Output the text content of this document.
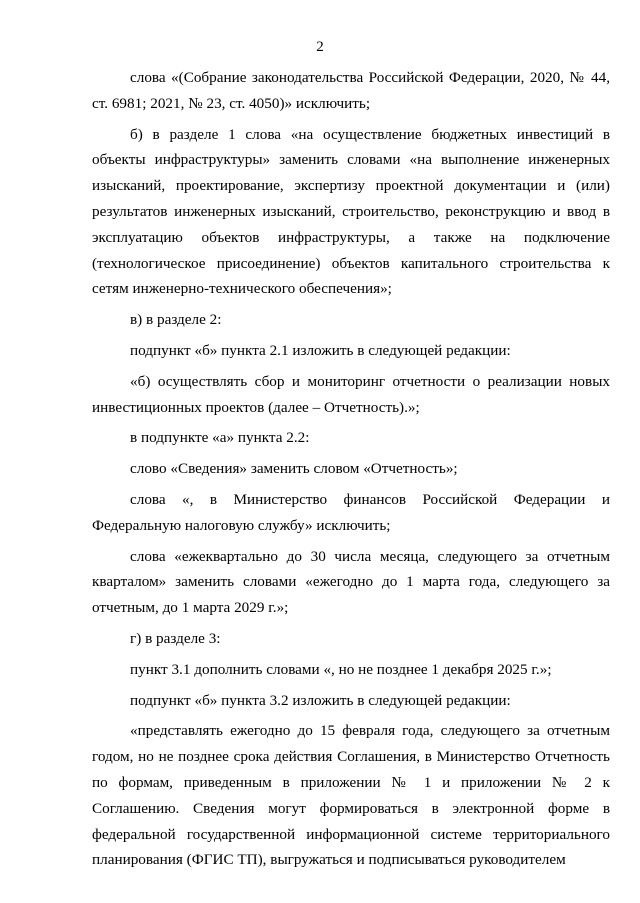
2

слова «(Собрание законодательства Российской Федерации, 2020, № 44, ст. 6981; 2021, № 23, ст. 4050)» исключить;

б) в разделе 1 слова «на осуществление бюджетных инвестиций в объекты инфраструктуры» заменить словами «на выполнение инженерных изысканий, проектирование, экспертизу проектной документации и (или) результатов инженерных изысканий, строительство, реконструкцию и ввод в эксплуатацию объектов инфраструктуры, а также на подключение (технологическое присоединение) объектов капитального строительства к сетям инженерно-технического обеспечения»;

в) в разделе 2:

подпункт «б» пункта 2.1 изложить в следующей редакции:

«б) осуществлять сбор и мониторинг отчетности о реализации новых инвестиционных проектов (далее – Отчетность).»;

в подпункте «а» пункта 2.2:

слово «Сведения» заменить словом «Отчетность»;

слова «, в Министерство финансов Российской Федерации и Федеральную налоговую службу» исключить;

слова «ежеквартально до 30 числа месяца, следующего за отчетным кварталом» заменить словами «ежегодно до 1 марта года, следующего за отчетным, до 1 марта 2029 г.»;

г) в разделе 3:

пункт 3.1 дополнить словами «, но не позднее 1 декабря 2025 г.»;

подпункт «б» пункта 3.2 изложить в следующей редакции:

«представлять ежегодно до 15 февраля года, следующего за отчетным годом, но не позднее срока действия Соглашения, в Министерство Отчетность по формам, приведенным в приложении № 1 и приложении № 2 к Соглашению. Сведения могут формироваться в электронной форме в федеральной государственной информационной системе территориального планирования (ФГИС ТП), выгружаться и подписываться руководителем
